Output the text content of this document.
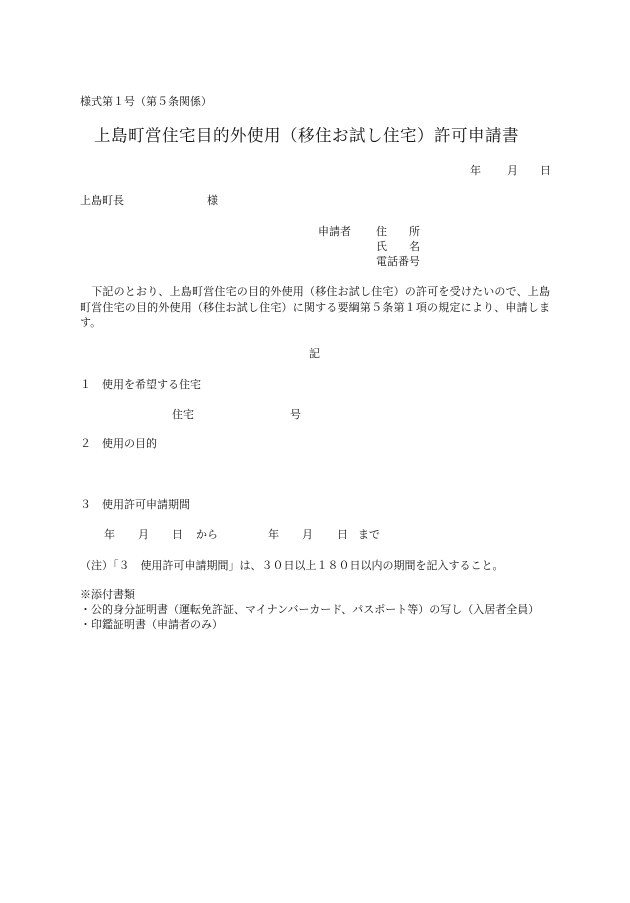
様式第１号（第５条関係）
上島町営住宅目的外使用（移住お試し住宅）許可申請書
年 月 日
上島町長	様
申請者 住　　所
氏　　名
電話番号
　下記のとおり、上島町営住宅の目的外使用（移住お試し住宅）の許可を受けたいので、上島町営住宅の目的外使用（移住お試し住宅）に関する要綱第５条第１項の規定により、申請します。
記
１ 使用を希望する住宅
住宅	号
２ 使用の目的
３ 使用許可申請期間
年 月 日 から	年 月 日 まで
（注）「３　使用許可申請期間」は、３０日以上１８０日以内の期間を記入すること。
※添付書類
・公的身分証明書（運転免許証、マイナンバーカード、パスポート等）の写し（入居者全員）
・印鑑証明書（申請者のみ）
